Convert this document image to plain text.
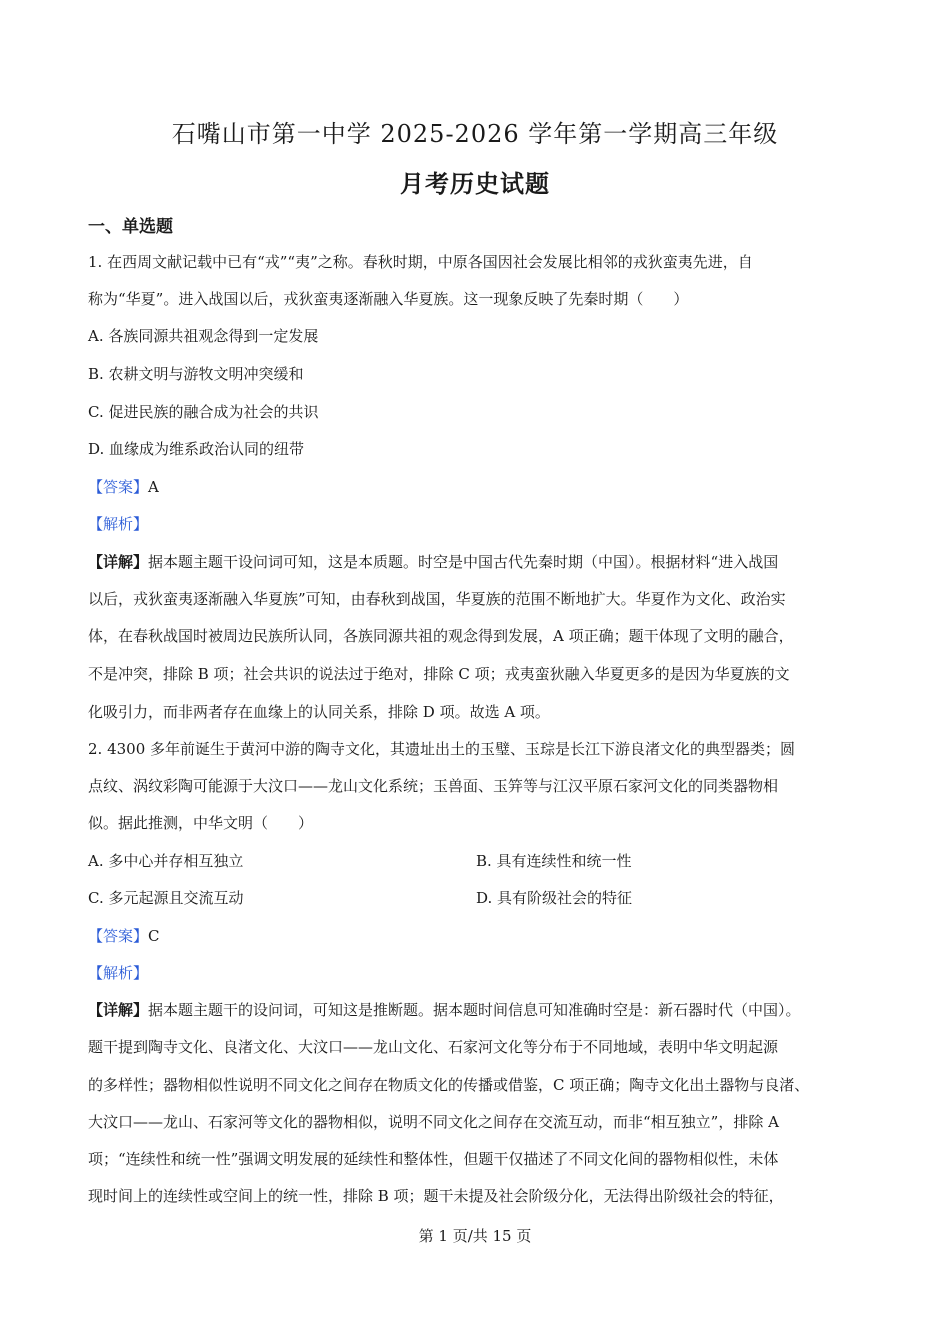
石嘴山市第一中学 2025-2026 学年第一学期高三年级
月考历史试题
一、单选题
1. 在西周文献记载中已有“戎”“夷”之称。春秋时期，中原各国因社会发展比相邻的戎狄蛮夷先进，自
称为“华夏”。进入战国以后，戎狄蛮夷逐渐融入华夏族。这一现象反映了先秦时期（　　）
A. 各族同源共祖观念得到一定发展
B. 农耕文明与游牧文明冲突缓和
C. 促进民族的融合成为社会的共识
D. 血缘成为维系政治认同的纽带
【答案】A
【解析】
【详解】据本题主题干设问词可知，这是本质题。时空是中国古代先秦时期（中国）。根据材料“进入战国
以后，戎狄蛮夷逐渐融入华夏族”可知，由春秋到战国，华夏族的范围不断地扩大。华夏作为文化、政治实
体，在春秋战国时被周边民族所认同，各族同源共祖的观念得到发展，A 项正确；题干体现了文明的融合，
不是冲突，排除 B 项；社会共识的说法过于绝对，排除 C 项；戎夷蛮狄融入华夏更多的是因为华夏族的文
化吸引力，而非两者存在血缘上的认同关系，排除 D 项。故选 A 项。
2. 4300 多年前诞生于黄河中游的陶寺文化，其遗址出土的玉璧、玉琮是长江下游良渚文化的典型器类；圆
点纹、涡纹彩陶可能源于大汶口——龙山文化系统；玉兽面、玉笄等与江汉平原石家河文化的同类器物相
似。据此推测，中华文明（　　）
A. 多中心并存相互独立	B. 具有连续性和统一性
C. 多元起源且交流互动	D. 具有阶级社会的特征
【答案】C
【解析】
【详解】据本题主题干的设问词，可知这是推断题。据本题时间信息可知准确时空是：新石器时代（中国）。
题干提到陶寺文化、良渚文化、大汶口——龙山文化、石家河文化等分布于不同地域，表明中华文明起源
的多样性；器物相似性说明不同文化之间存在物质文化的传播或借鉴，C 项正确；陶寺文化出土器物与良渚、
大汶口——龙山、石家河等文化的器物相似，说明不同文化之间存在交流互动，而非“相互独立”，排除 A
项；“连续性和统一性”强调文明发展的延续性和整体性，但题干仅描述了不同文化间的器物相似性，未体
现时间上的连续性或空间上的统一性，排除 B 项；题干未提及社会阶级分化，无法得出阶级社会的特征，
第 1 页/共 15 页
